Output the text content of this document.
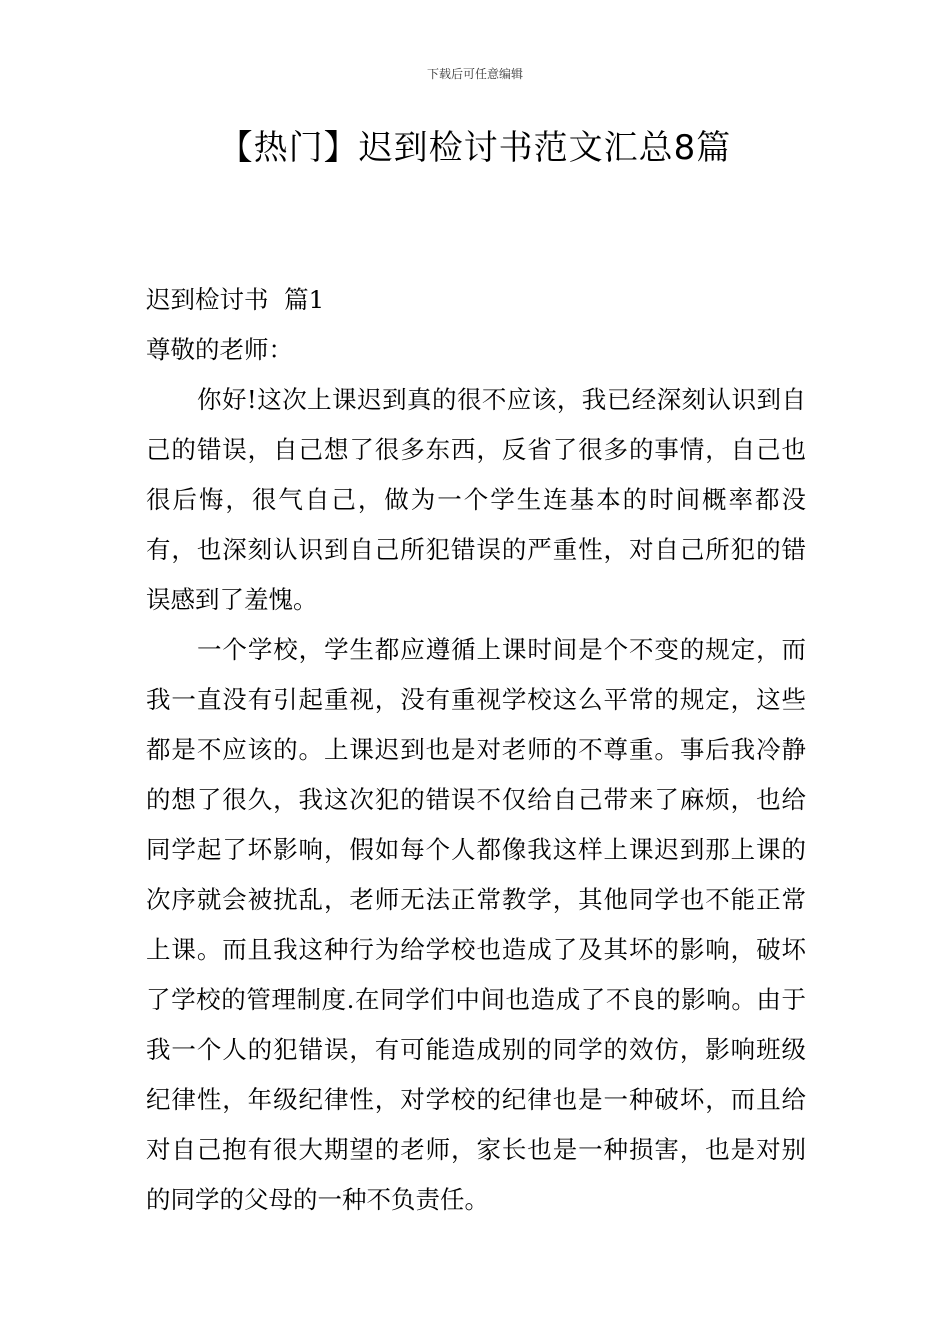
下载后可任意编辑
【热门】迟到检讨书范文汇总8篇

迟到检讨书  篇1

尊敬的老师：

你好!这次上课迟到真的很不应该，我已经深刻认识到自己的错误，自己想了很多东西，反省了很多的事情，自己也很后悔，很气自己，做为一个学生连基本的时间概率都没有，也深刻认识到自己所犯错误的严重性，对自己所犯的错误感到了羞愧。

一个学校，学生都应遵循上课时间是个不变的规定，而我一直没有引起重视，没有重视学校这么平常的规定，这些都是不应该的。上课迟到也是对老师的不尊重。事后我冷静的想了很久，我这次犯的错误不仅给自己带来了麻烦，也给同学起了坏影响，假如每个人都像我这样上课迟到那上课的次序就会被扰乱，老师无法正常教学，其他同学也不能正常上课。而且我这种行为给学校也造成了及其坏的影响，破坏了学校的管理制度.在同学们中间也造成了不良的影响。由于我一个人的犯错误，有可能造成别的同学的效仿，影响班级纪律性，年级纪律性，对学校的纪律也是一种破坏，而且给对自己抱有很大期望的老师，家长也是一种损害，也是对别的同学的父母的一种不负责任。
